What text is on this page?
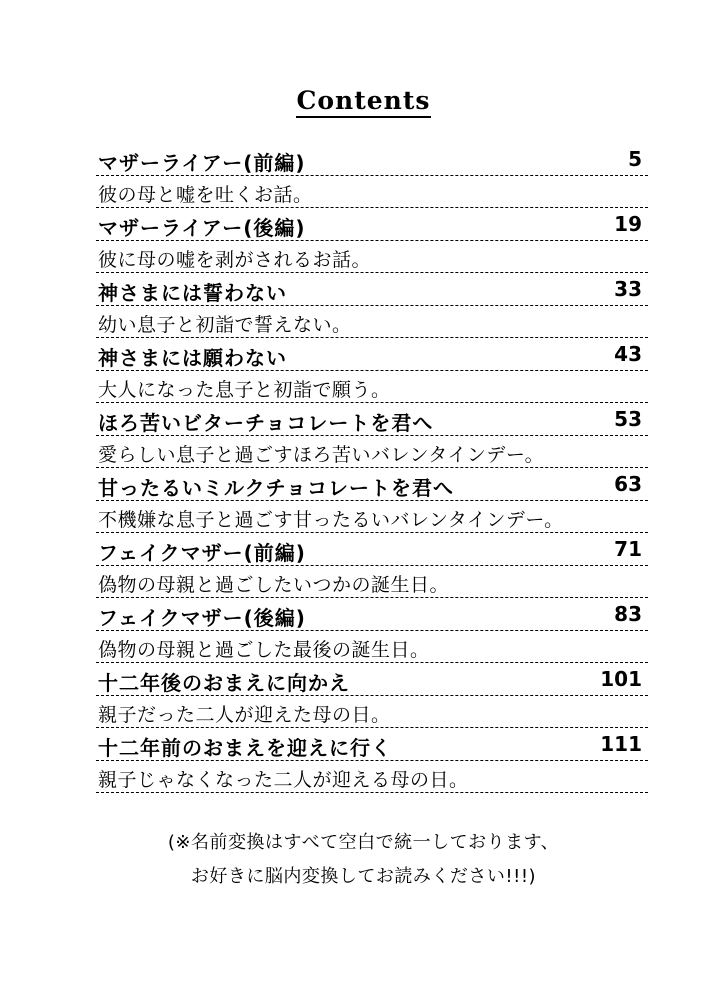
Contents
マザーライアー(前編)	5
彼の母と嘘を吐くお話。
マザーライアー(後編)	19
彼に母の嘘を剥がされるお話。
神さまには誓わない	33
幼い息子と初詣で誓えない。
神さまには願わない	43
大人になった息子と初詣で願う。
ほろ苦いビターチョコレートを君へ	53
愛らしい息子と過ごすほろ苦いバレンタインデー。
甘ったるいミルクチョコレートを君へ	63
不機嫌な息子と過ごす甘ったるいバレンタインデー。
フェイクマザー(前編)	71
偽物の母親と過ごしたいつかの誕生日。
フェイクマザー(後編)	83
偽物の母親と過ごした最後の誕生日。
十二年後のおまえに向かえ	101
親子だった二人が迎えた母の日。
十二年前のおまえを迎えに行く	111
親子じゃなくなった二人が迎える母の日。
(※名前変換はすべて空白で統一しております、
お好きに脳内変換してお読みください!!!)
